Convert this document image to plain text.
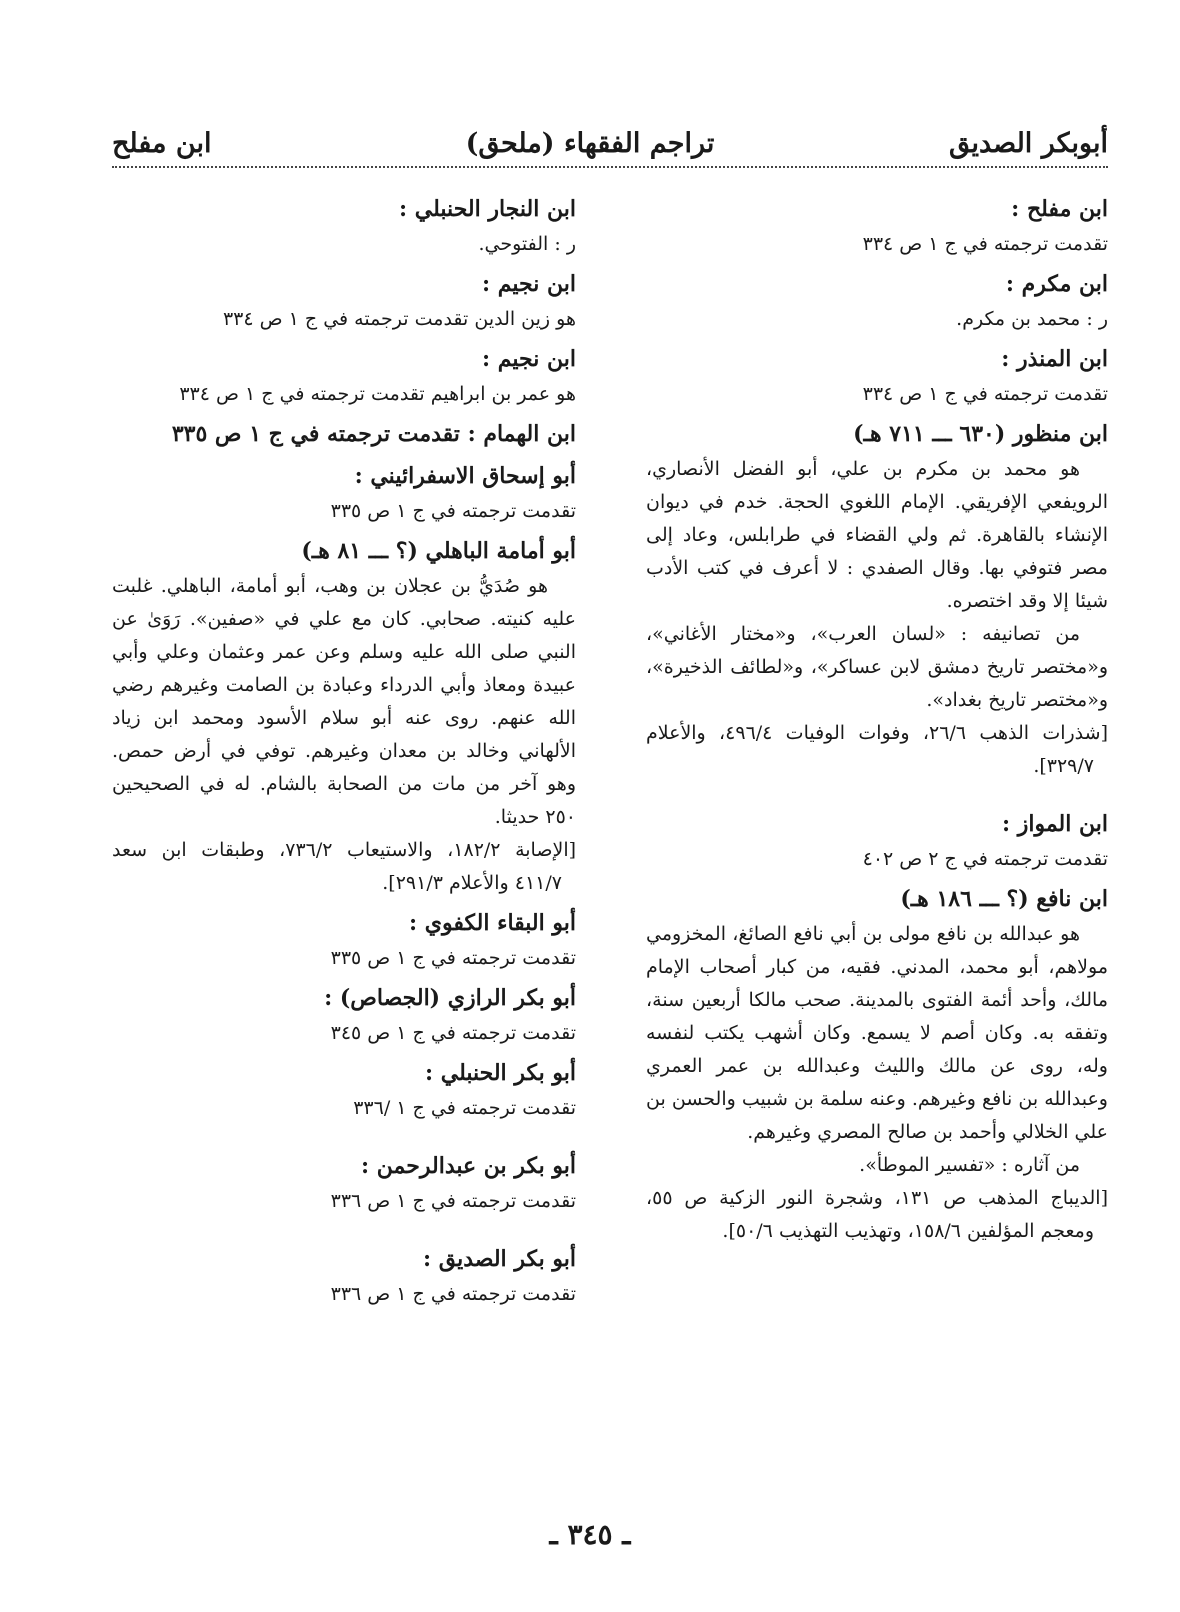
أبوبكر الصديق
(ملحق) تراجم الفقهاء
ابن مفلح
ابن مفلح :
تقدمت ترجمته في ج ١ ص ٣٣٤
ابن مكرم :
ر : محمد بن مكرم.
ابن المنذر :
تقدمت ترجمته في ج ١ ص ٣٣٤
ابن منظور (٦٣٠ ـــ ٧١١ هـ)
هو محمد بن مكرم بن علي، أبو الفضل الأنصاري، الرويفعي الإفريقي. الإمام اللغوي الحجة. خدم في ديوان الإنشاء بالقاهرة. ثم ولي القضاء في طرابلس، وعاد إلى مصر فتوفي بها. وقال الصفدي : لا أعرف في كتب الأدب شيئا إلا وقد اختصره.
من تصانيفه : «لسان العرب»، و«مختار الأغاني»، و«مختصر تاريخ دمشق لابن عساكر»، و«لطائف الذخيرة»، و«مختصر تاريخ بغداد».
[شذرات الذهب ٢٦/٦، وفوات الوفيات ٤٩٦/٤، والأعلام ٣٢٩/٧].
ابن المواز :
تقدمت ترجمته في ج ٢ ص ٤٠٢
ابن نافع (؟ ـــ ١٨٦ هـ)
هو عبدالله بن نافع مولى بن أبي نافع الصائغ، المخزومي مولاهم، أبو محمد، المدني. فقيه، من كبار أصحاب الإمام مالك، وأحد أئمة الفتوى بالمدينة. صحب مالكا أربعين سنة، وتفقه به. وكان أصم لا يسمع. وكان أشهب يكتب لنفسه وله، روى عن مالك والليث وعبدالله بن عمر العمري وعبدالله بن نافع وغيرهم. وعنه سلمة بن شبيب والحسن بن علي الخلالي وأحمد بن صالح المصري وغيرهم.
من آثاره : «تفسير الموطأ».
[الديباج المذهب ص ١٣١، وشجرة النور الزكية ص ٥٥، ومعجم المؤلفين ١٥٨/٦، وتهذيب التهذيب ٥٠/٦].
ابن النجار الحنبلي :
ر : الفتوحي.
ابن نجيم :
هو زين الدين تقدمت ترجمته في ج ١ ص ٣٣٤
ابن نجيم :
هو عمر بن ابراهيم تقدمت ترجمته في ج ١ ص ٣٣٤
ابن الهمام : تقدمت ترجمته في ج ١ ص ٣٣٥
أبو إسحاق الاسفرائيني :
تقدمت ترجمته في ج ١ ص ٣٣٥
أبو أمامة الباهلي (؟ ـــ ٨١ هـ)
هو صُدَيُّ بن عجلان بن وهب، أبو أمامة، الباهلي. غلبت عليه كنيته. صحابي. كان مع علي في «صفين». رَوَىٰ عن النبي صلى الله عليه وسلم وعن عمر وعثمان وعلي وأبي عبيدة ومعاذ وأبي الدرداء وعبادة بن الصامت وغيرهم رضي الله عنهم. روى عنه أبو سلام الأسود ومحمد ابن زياد الألهاني وخالد بن معدان وغيرهم. توفي في أرض حمص. وهو آخر من مات من الصحابة بالشام. له في الصحيحين ٢٥٠ حديثا.
[الإصابة ١٨٢/٢، والاستيعاب ٧٣٦/٢، وطبقات ابن سعد ٤١١/٧ والأعلام ٢٩١/٣].
أبو البقاء الكفوي :
تقدمت ترجمته في ج ١ ص ٣٣٥
أبو بكر الرازي (الجصاص) :
تقدمت ترجمته في ج ١ ص ٣٤٥
أبو بكر الحنبلي :
تقدمت ترجمته في ج ١ /٣٣٦
أبو بكر بن عبدالرحمن :
تقدمت ترجمته في ج ١ ص ٣٣٦
أبو بكر الصديق :
تقدمت ترجمته في ج ١ ص ٣٣٦
ـ ٣٤٥ ـ
